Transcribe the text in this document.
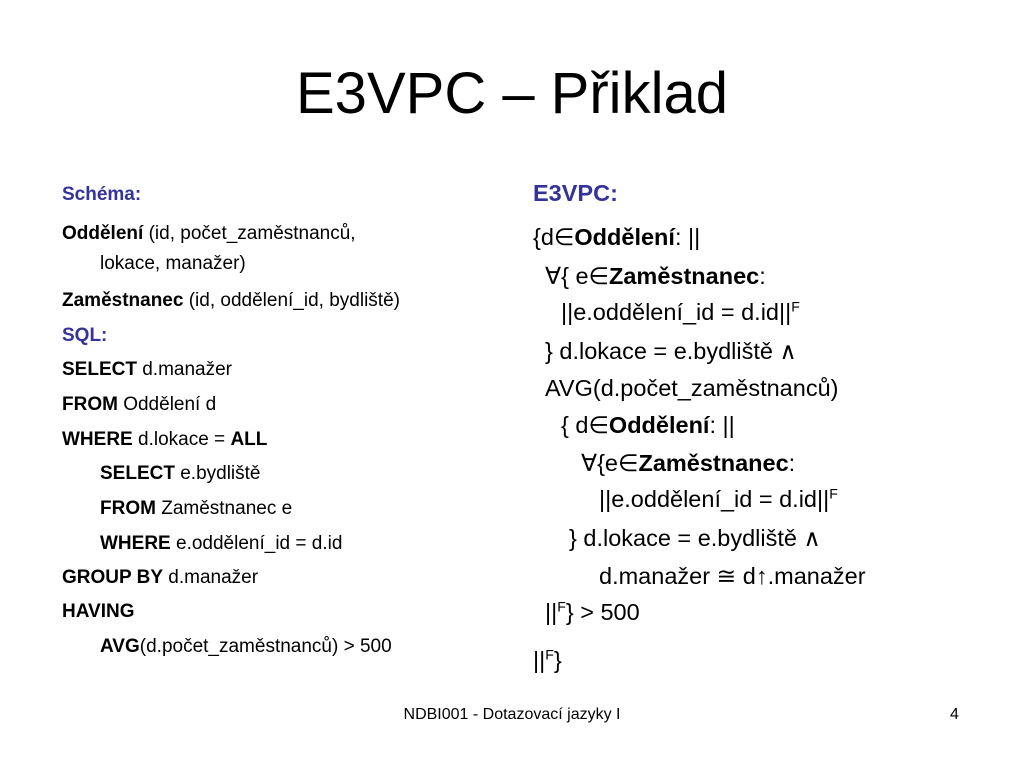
E3VPC – Přiklad
Schéma:
Oddělení (id, počet_zaměstnanců,
lokace, manažer)
Zaměstnanec (id, oddělení_id, bydliště)
SQL:
SELECT d.manažer
FROM Oddělení d
WHERE d.lokace = ALL
SELECT e.bydliště
FROM Zaměstnanec e
WHERE e.oddělení_id = d.id
GROUP BY d.manažer
HAVING
AVG(d.počet_zaměstnanců) > 500
E3VPC:
{d∈Oddělení: ||
∀{ e∈Zaměstnanec:
||e.oddělení_id = $d.id||^F$
} d.lokace = e.bydliště ∧
AVG(d.počet_zaměstnanců)
{ d∈Oddělení: ||
∀{e∈Zaměstnanec:
||e.oddělení_id = $d.id||^F$
} d.lokace = e.bydliště ∧
d.manažer ≅ d↑.manažer
$||^F\} > 500$
$||^F$}
NDBI001 - Dotazovací jazyky I	4
